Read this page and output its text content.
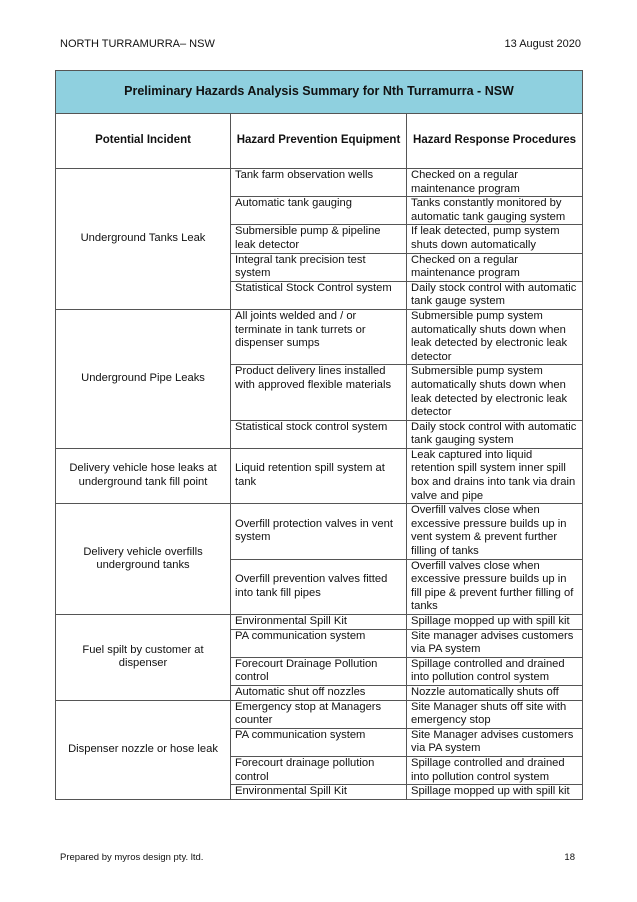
NORTH TURRAMURRA– NSW	13 August 2020
Preliminary Hazards Analysis Summary for Nth Turramurra - NSW		
Potential Incident	Hazard Prevention Equipment	Hazard Response Procedures
Underground Tanks Leak	Tank farm observation wells	Checked on a regular maintenance program
	Automatic tank gauging	Tanks constantly monitored by automatic tank gauging system
	Submersible pump & pipeline leak detector	If leak detected, pump system shuts down automatically
	Integral tank precision test system	Checked on a regular maintenance program
	Statistical Stock Control system	Daily stock control with automatic tank gauge system
Underground Pipe Leaks	All joints welded and / or terminate in tank turrets or dispenser sumps	Submersible pump system automatically shuts down when leak detected by electronic leak detector
	Product delivery lines installed with approved flexible materials	Submersible pump system automatically shuts down when leak detected by electronic leak detector
	Statistical stock control system	Daily stock control with automatic tank gauging system
Delivery vehicle hose leaks at underground tank fill point	Liquid retention spill system at tank	Leak captured into liquid retention spill system inner spill box and drains into tank via drain valve and pipe
Delivery vehicle overfills underground tanks	Overfill protection valves in vent system	Overfill valves close when excessive pressure builds up in vent system & prevent further filling of tanks
	Overfill prevention valves fitted into tank fill pipes	Overfill valves close when excessive pressure builds up in fill pipe & prevent further filling of tanks
Fuel spilt by customer at dispenser	Environmental Spill Kit	Spillage mopped up with spill kit
	PA communication system	Site manager advises customers via PA system
	Forecourt Drainage Pollution control	Spillage controlled and drained into pollution control system
	Automatic shut off nozzles	Nozzle automatically shuts off
Dispenser nozzle or hose leak	Emergency stop at Managers counter	Site Manager shuts off site with emergency stop
	PA communication system	Site Manager advises customers via PA system
	Forecourt drainage pollution control	Spillage controlled and drained into pollution control system
	Environmental Spill Kit	Spillage mopped up with spill kit
Prepared by myros design pty. ltd.	18
